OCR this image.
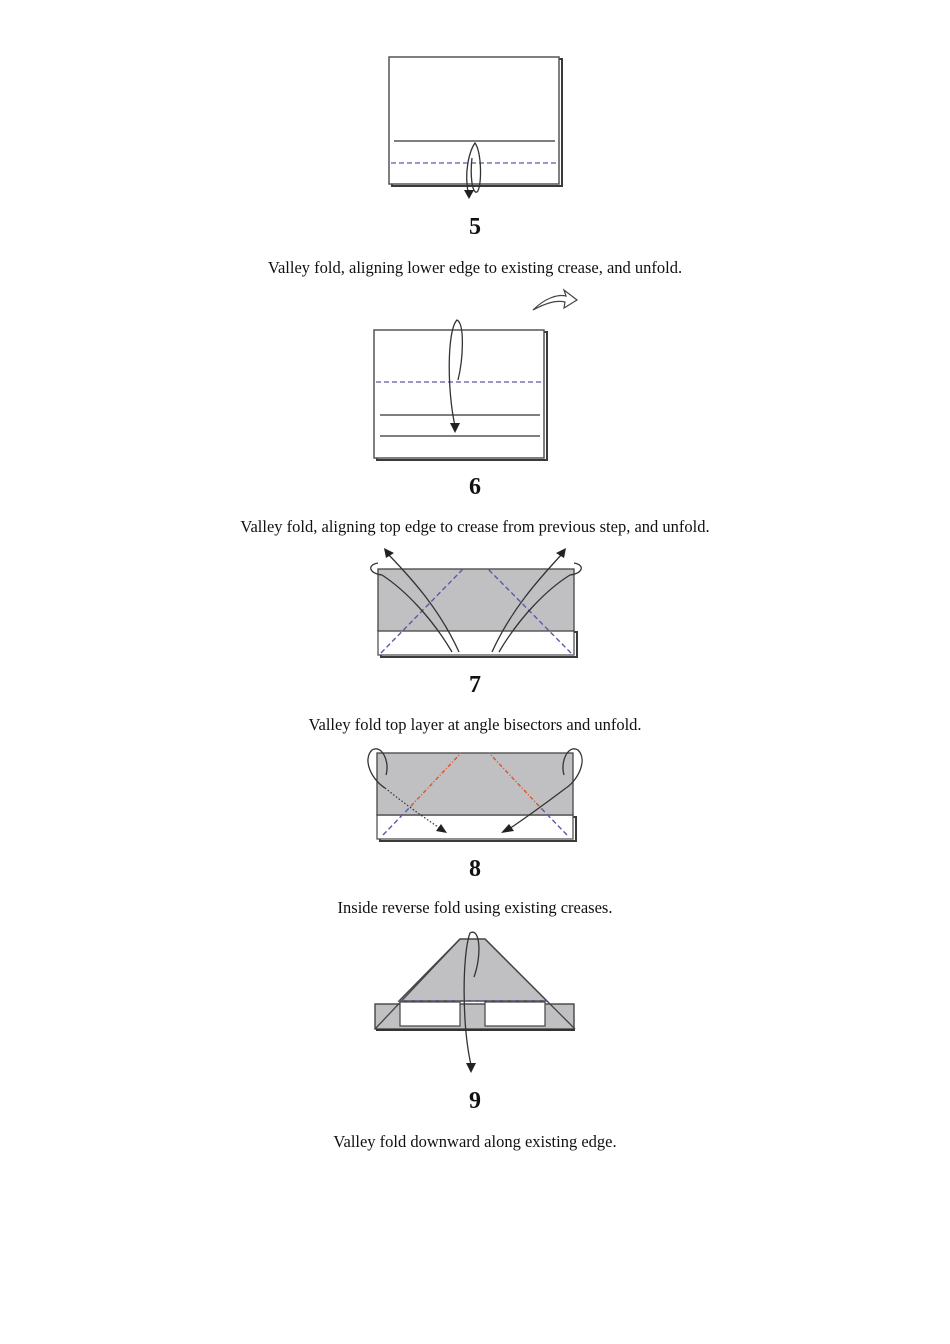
5
Valley fold, aligning lower edge to existing crease, and unfold.
6
Valley fold, aligning top edge to crease from previous step, and unfold.
7
Valley fold top layer at angle bisectors and unfold.
8
Inside reverse fold using existing creases.
9
Valley fold downward along existing edge.
